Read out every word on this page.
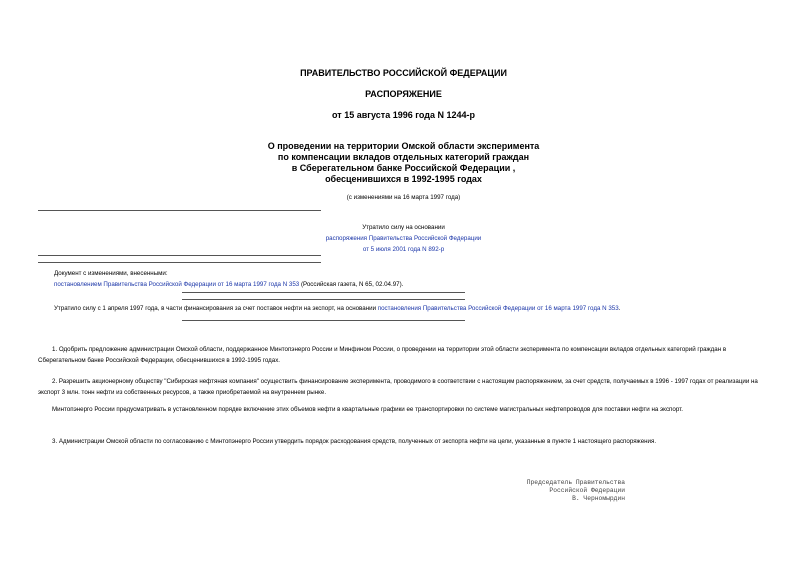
ПРАВИТЕЛЬСТВО РОССИЙСКОЙ ФЕДЕРАЦИИ
РАСПОРЯЖЕНИЕ
от 15 августа 1996 года N 1244-р
О проведении на территории Омской области эксперимента
по компенсации вкладов отдельных категорий граждан
в Сберегательном банке Российской Федерации ,
обесценившихся в 1992-1995 годах
(с изменениями на 16 марта 1997 года)
Утратило силу на основании
распоряжения Правительства Российской Федерации
от 5 июля 2001 года N 892-р
Документ с изменениями, внесенными:
постановлением Правительства Российской Федерации от 16 марта 1997 года N 353 (Российская газета, N 65, 02.04.97).
Утратило силу с 1 апреля 1997 года, в части финансирования за счет поставок нефти на экспорт, на основании постановления Правительства Российской Федерации от 16 марта 1997 года N 353.
1. Одобрить предложение администрации Омской области, поддержанное Минтопэнерго России и Минфином России, о проведении на территории этой области эксперимента по компенсации вкладов отдельных категорий граждан в Сберегательном банке Российской Федерации, обесценившихся в 1992-1995 годах.
2. Разрешить акционерному обществу "Сибирская нефтяная компания" осуществить финансирование эксперимента, проводимого в соответствии с настоящим распоряжением, за счет средств, получаемых в 1996 - 1997 годах от реализации на экспорт 3 млн. тонн нефти из собственных ресурсов, а также приобретаемой на внутреннем рынке.
Минтопэнерго России предусматривать в установленном порядке включение этих объемов нефти в квартальные графики ее транспортировки по системе магистральных нефтепроводов для поставки нефти на экспорт.
3. Администрации Омской области по согласованию с Минтопэнерго России утвердить порядок расходования средств, полученных от экспорта нефти на цели, указанные в пункте 1 настоящего распоряжения.
Председатель Правительства
Российской Федерации
В. Черномырдин
